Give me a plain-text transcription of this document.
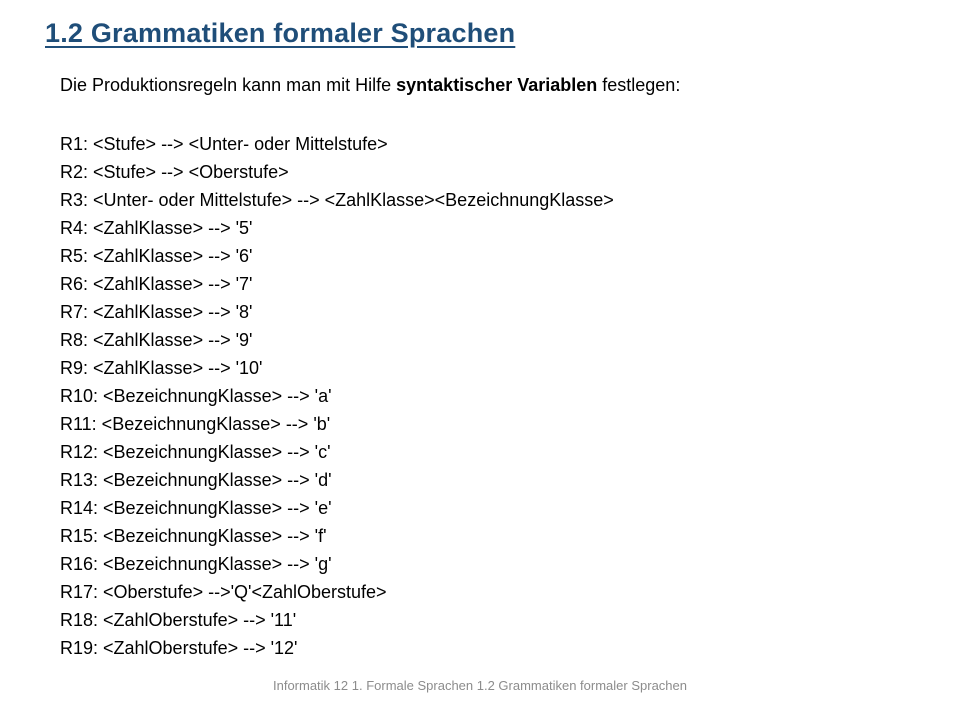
1.2 Grammatiken formaler Sprachen
Die Produktionsregeln kann man mit Hilfe syntaktischer Variablen festlegen:
R1: <Stufe> --> <Unter- oder Mittelstufe>
R2: <Stufe> --> <Oberstufe>
R3: <Unter- oder Mittelstufe> --> <ZahlKlasse><BezeichnungKlasse>
R4: <ZahlKlasse> --> '5'
R5: <ZahlKlasse> --> '6'
R6: <ZahlKlasse> --> '7'
R7: <ZahlKlasse> --> '8'
R8: <ZahlKlasse> --> '9'
R9: <ZahlKlasse> --> '10'
R10: <BezeichnungKlasse> --> 'a'
R11: <BezeichnungKlasse> --> 'b'
R12: <BezeichnungKlasse> --> 'c'
R13: <BezeichnungKlasse> --> 'd'
R14: <BezeichnungKlasse> --> 'e'
R15: <BezeichnungKlasse> --> 'f'
R16: <BezeichnungKlasse> --> 'g'
R17: <Oberstufe> -->'Q'<ZahlOberstufe>
R18: <ZahlOberstufe> --> '11'
R19: <ZahlOberstufe> --> '12'
Informatik 12 1. Formale Sprachen 1.2 Grammatiken formaler Sprachen
